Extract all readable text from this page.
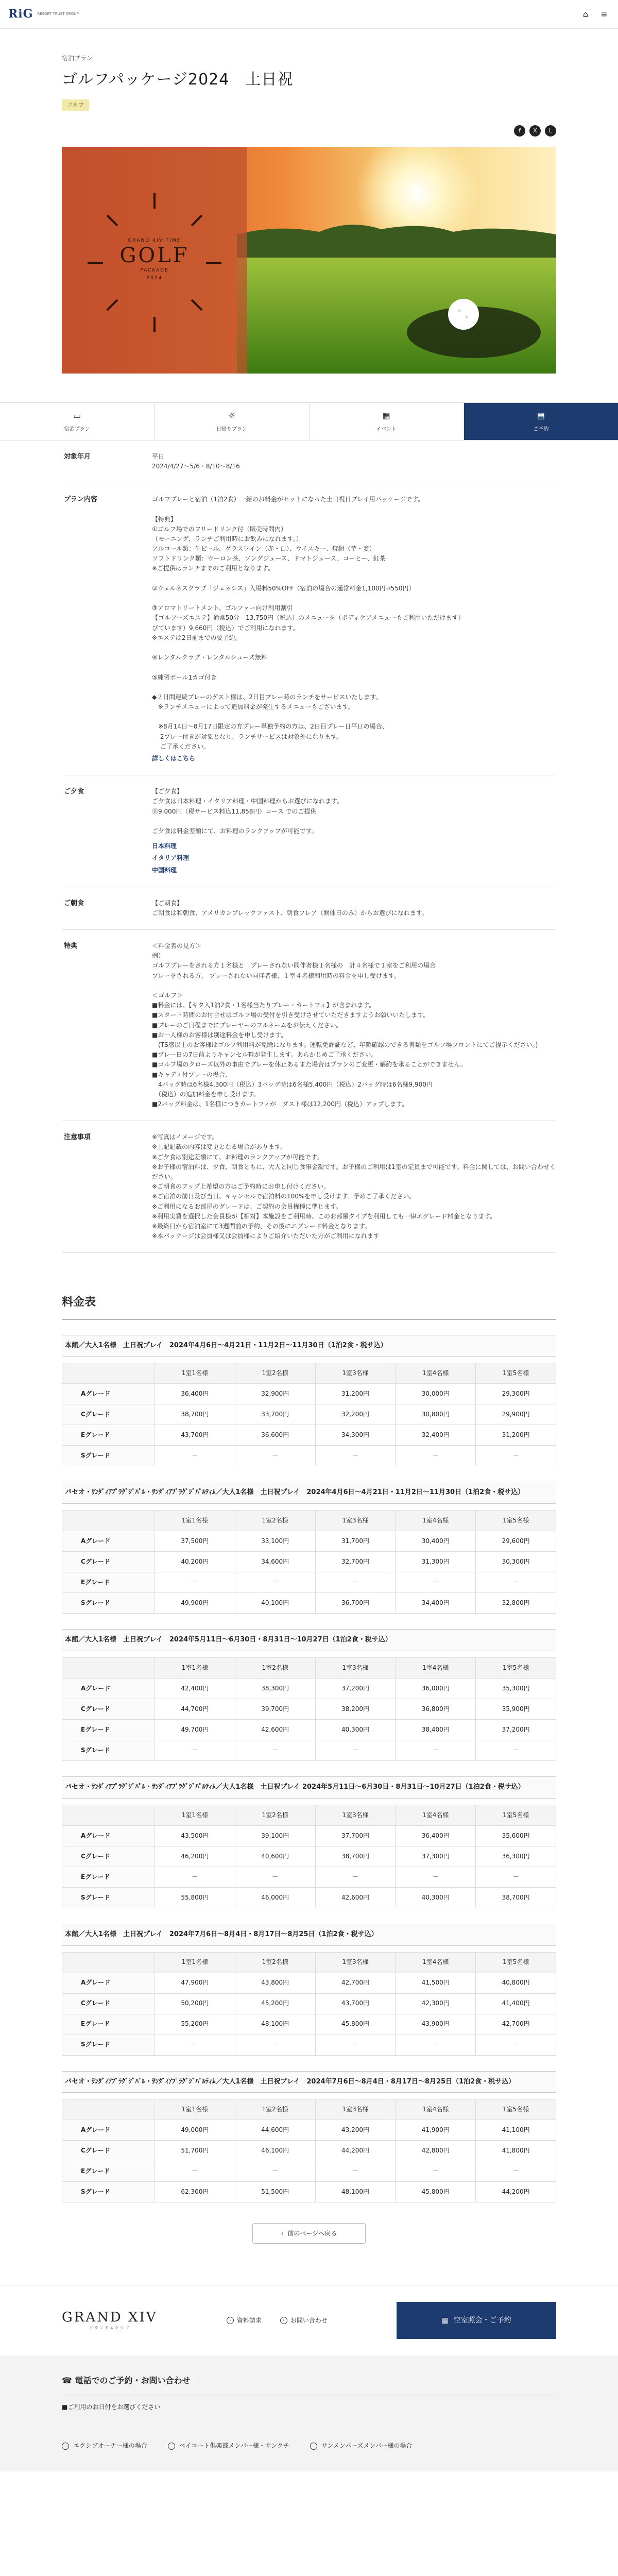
RiG RESORT TRUST GROUP	⌂	≡
宿泊プラン
ゴルフパッケージ2024　土日祝
ゴルフ
f	X	L
GRAND XIV TIME
GOLF
PACKAGE
2024
▭
宿泊プラン
☼
日帰りプラン
▦
イベント
▤
ご予約
対象年月	平日
2024/4/27〜5/6・8/10〜8/16
プラン内容	ゴルフプレーと宿泊（1泊2食）一緒のお料金がセットになった土日祝日プレイ用パッケージです。

【特典】
①ゴルフ場でのフリードリンク付（販売時間内）
（モーニング、ランチご利用時にお飲みになれます。）
アルコール類：生ビール、グラスワイン（赤・白）、ウイスキー、焼酎（芋・麦）
ソフトドリンク類：ウーロン茶、ソングジュース、ドマトジュース、コーヒー、紅茶
※ご提供はランチまでのご利用となります。

②ウェルネスクラブ「ジェネシス」入場料50%OFF（宿泊の場合の通常料金1,100円⇒550円）

③アロマトリートメント、ゴルファー向け利用割引
【ゴルフーズエステ】通常50分　13,750円（税込）のメニューを（ボディケアメニューもご利用いただけます）
びています）9,660円（税込）でご利用になれます。
※エステは2日前までの要予約。

④レンタルクラブ・レンタルシューズ無料

⑤練習ボール1カゴ付き

◆２日間連続プレーのゲスト様は、2日目プレー時のランチをサービスいたします。
　※ランチメニューによって追加料金が発生するメニューもございます。

　※8月14日〜8月17日限定の方プレー単独予約の方は、2日目プレー日平日の場合、
　 2プレー付きが対象となり、ランチサービスは対象外になります。
　 ご了承ください。
詳しくはこちら
ご夕食	【ご夕食】
ご夕食は日本料理・イタリア料理・中国料理からお選びになれます。
⓪9,000円（税サービス料込11,858円）コース でのご提供

ご夕食は料金差額にて、お料理のランクアップが可能です。
日本料理
イタリア料理
中国料理
ご朝食	【ご朝食】
ご朝食は和朝食、アメリカンブレックファスト、朝食フレア（開催日のみ）からお選びになれます。
特典	＜料金表の見方＞
例）
ゴルフプレーをされる方１名様と　プレーされない同伴者様１名様の　計４名様で１室をご利用の場合
プレーをされる方、 プレーされない同伴者様、１室４名様利用時の料金を申し受けます。

＜ゴルフ＞
■料金には、【キタ入1泊2食・1名様当たりプレー・カートフィ】が含まれます。
■スタート時間のお付合せはゴルフ場の受付を引き受けさせていただきますようお願いいたします。
■プレーのご日程までにプレーヤーのフルネームをお伝えください。
■お一人様のお客様は別途料金を申し受けます。
　(TS感以上のお客様はゴルフ利用料が免除になります。運転免許証など、年齢確認のできる書類をゴルフ場フロントにてご提示ください。)
■プレー日の7日前よりキャンセル料が発生します。あらかじめご了承ください。
■ゴルフ場のクローズ以外の事由でプレーを休止あるまた場合はプランのご変更・解約を承ることができません。
■キャディ付プレーの場合、
　4バッグ時は6名様4,300円（税込）3バッグ時は6名様5,400円（税込）2バッグ時は6名様9,900円
　（税込）の追加料金を申し受けます。
■2バッグ料金は、1名様につきカートフィが　ダスト様は12,200円（税込）アップします。
注意事項	※写真はイメージです。
※上記記載の内容は変更となる場合があります。
※ご夕食は別途差額にて、お料理のランクアップが可能です。
※お子様の宿泊料は、夕食、朝食ともに、大人と同じ食事金額です。お子様のご利用は1室の定員まで可能です。料金に関しては、お問い合わせください。
※ご朝食のアップ上希望の方はご予約時にお申し付けください。
※ご宿泊の前日及び当日、キャンセルで宿泊料の100%を申し受けます。予めご了承ください。
※ご利用になるお部屋のグレードは、ご契約の会員権種に準じます。
※利用実費を選択した会員様が【相対】本施設をご利用時、このお部屋タイプを利用しても一律エグレード料金となります。
※最終日から宿泊室にて3週間前の予約、その後にエグレード料金となります。
※本パッケージは会員様又は会員様によりご紹介いただいた方がご利用になれます
料金表
本館／大人1名様　土日祝プレイ　2024年4月6日〜4月21日・11月2日〜11月30日（1泊2食・税サ込）
	1室1名様	1室2名様	1室3名様	1室4名様	1室5名様
Aグレード	36,400円	32,900円	31,200円	30,000円	29,300円
Cグレード	38,700円	33,700円	32,200円	30,800円	29,900円
Eグレード	43,700円	36,600円	34,300円	32,400円	31,200円
Sグレード	－	－	－	－	－
パセオ・ｻﾝﾀﾞｨｱﾌﾟﾗｸﾞｼﾞﾊﾟﾙ・ｻﾝﾀﾞｨｱﾌﾟﾗｸﾞｼﾞﾊﾟﾙﾃｨﾑ／大人1名様　土日祝プレイ　2024年4月6日〜4月21日・11月2日〜11月30日（1泊2食・税サ込）
	1室1名様	1室2名様	1室3名様	1室4名様	1室5名様
Aグレード	37,500円	33,100円	31,700円	30,400円	29,600円
Cグレード	40,200円	34,600円	32,700円	31,300円	30,300円
Eグレード	－	－	－	－	－
Sグレード	49,900円	40,100円	36,700円	34,400円	32,800円
本館／大人1名様　土日祝プレイ　2024年5月11日〜6月30日・8月31日〜10月27日（1泊2食・税サ込）
	1室1名様	1室2名様	1室3名様	1室4名様	1室5名様
Aグレード	42,400円	38,300円	37,200円	36,000円	35,300円
Cグレード	44,700円	39,700円	38,200円	36,800円	35,900円
Eグレード	49,700円	42,600円	40,300円	38,400円	37,200円
Sグレード	－	－	－	－	－
パセオ・ｻﾝﾀﾞｨｱﾌﾟﾗｸﾞｼﾞﾊﾟﾙ・ｻﾝﾀﾞｨｱﾌﾟﾗｸﾞｼﾞﾊﾟﾙﾃｨﾑ／大人1名様　土日祝プレイ 2024年5月11日〜6月30日・8月31日〜10月27日（1泊2食・税サ込）
	1室1名様	1室2名様	1室3名様	1室4名様	1室5名様
Aグレード	43,500円	39,100円	37,700円	36,400円	35,600円
Cグレード	46,200円	40,600円	38,700円	37,300円	36,300円
Eグレード	－	－	－	－	－
Sグレード	55,800円	46,000円	42,600円	40,300円	38,700円
本館／大人1名様　土日祝プレイ　2024年7月6日〜8月4日・8月17日〜8月25日（1泊2食・税サ込）
	1室1名様	1室2名様	1室3名様	1室4名様	1室5名様
Aグレード	47,900円	43,800円	42,700円	41,500円	40,800円
Cグレード	50,200円	45,200円	43,700円	42,300円	41,400円
Eグレード	55,200円	48,100円	45,800円	43,900円	42,700円
Sグレード	－	－	－	－	－
パセオ・ｻﾝﾀﾞｨｱﾌﾟﾗｸﾞｼﾞﾊﾟﾙ・ｻﾝﾀﾞｨｱﾌﾟﾗｸﾞｼﾞﾊﾟﾙﾃｨﾑ／大人1名様　土日祝プレイ　2024年7月6日〜8月4日・8月17日〜8月25日（1泊2食・税サ込）
	1室1名様	1室2名様	1室3名様	1室4名様	1室5名様
Aグレード	49,000円	44,600円	43,200円	41,900円	41,100円
Cグレード	51,700円	46,100円	44,200円	42,800円	41,800円
Eグレード	－	－	－	－	－
Sグレード	62,300円	51,500円	48,100円	45,800円	44,200円
‹ 前のページへ戻る
GRAND XIV
グランドエクシブ
› 資料請求	› お問い合わせ	▦ 空室照会・ご予約
☎ 電話でのご予約・お問い合わせ
■ご利用のお日付をお選びください
エクシブオーナー様の場合	ベイコート倶楽部メンバー様・サンクチ	サンメンバーズメンバー様の場合
